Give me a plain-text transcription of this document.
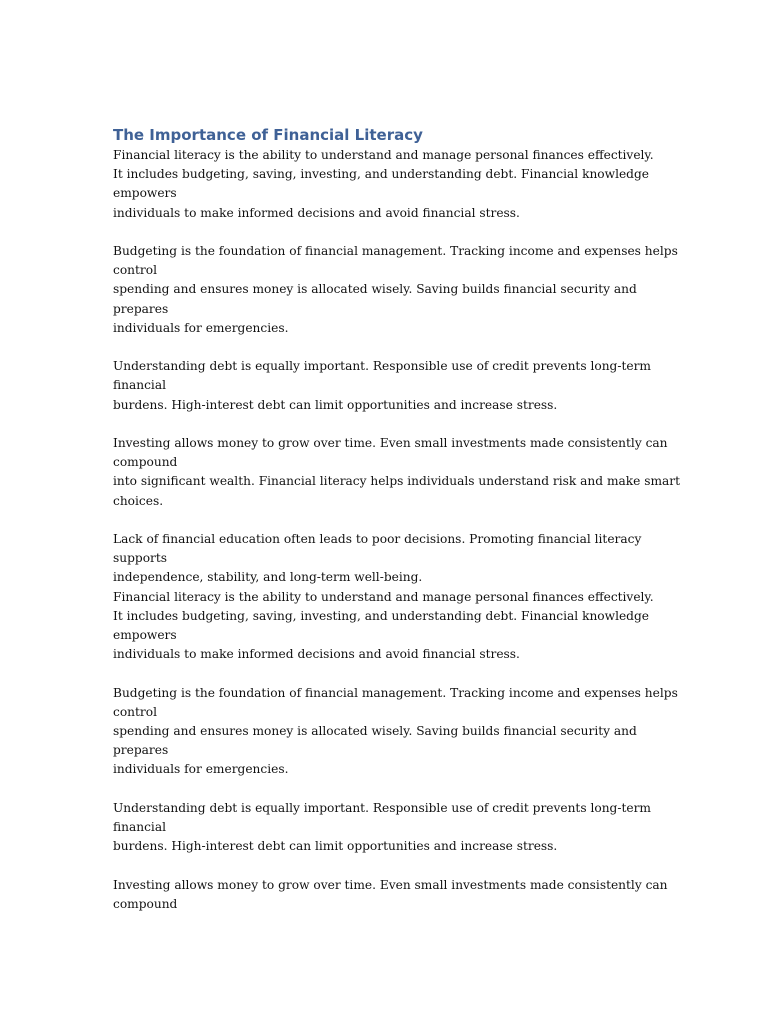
The Importance of Financial Literacy
Financial literacy is the ability to understand and manage personal finances effectively.
It includes budgeting, saving, investing, and understanding debt. Financial knowledge
empowers
individuals to make informed decisions and avoid financial stress.
Budgeting is the foundation of financial management. Tracking income and expenses helps
control
spending and ensures money is allocated wisely. Saving builds financial security and
prepares
individuals for emergencies.
Understanding debt is equally important. Responsible use of credit prevents long-term
financial
burdens. High-interest debt can limit opportunities and increase stress.
Investing allows money to grow over time. Even small investments made consistently can
compound
into significant wealth. Financial literacy helps individuals understand risk and make smart
choices.
Lack of financial education often leads to poor decisions. Promoting financial literacy
supports
independence, stability, and long-term well-being.
Financial literacy is the ability to understand and manage personal finances effectively.
It includes budgeting, saving, investing, and understanding debt. Financial knowledge
empowers
individuals to make informed decisions and avoid financial stress.
Budgeting is the foundation of financial management. Tracking income and expenses helps
control
spending and ensures money is allocated wisely. Saving builds financial security and
prepares
individuals for emergencies.
Understanding debt is equally important. Responsible use of credit prevents long-term
financial
burdens. High-interest debt can limit opportunities and increase stress.
Investing allows money to grow over time. Even small investments made consistently can
compound
